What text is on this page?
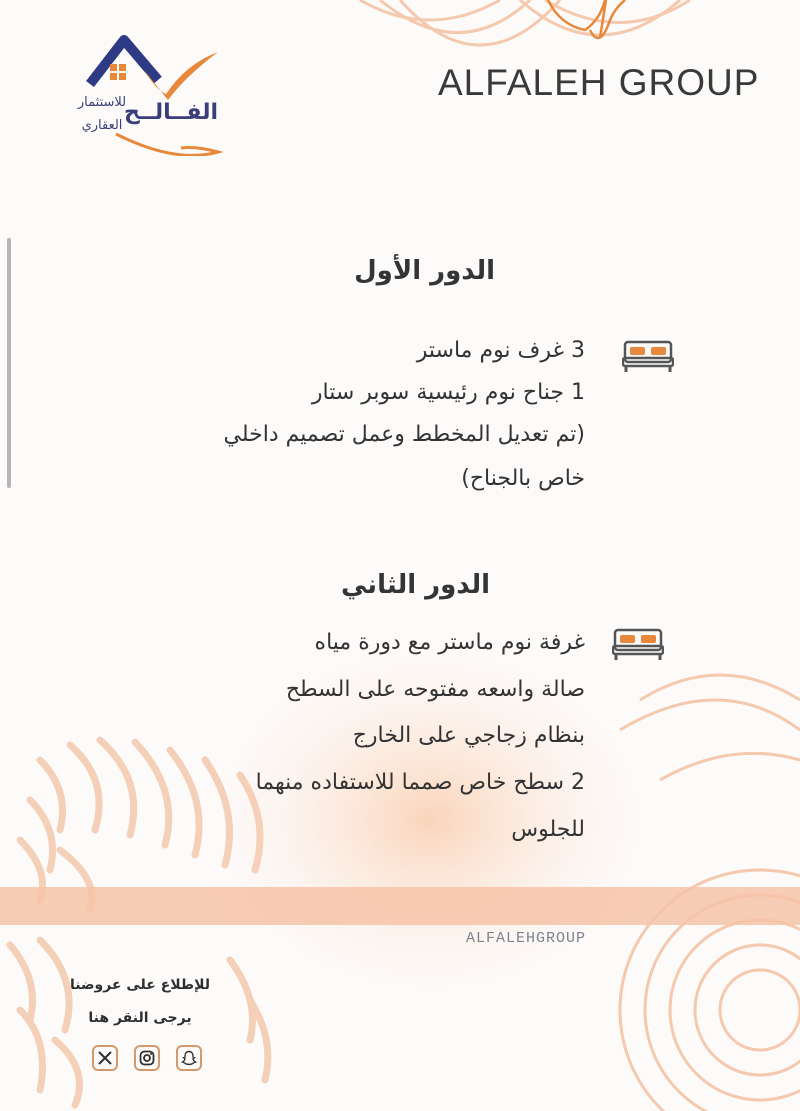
الفــالــح
للاستثمار
العقاري
ALFALEH GROUP
الدور الأول
3 غرف نوم ماستر
1 جناح نوم رئيسية سوبر ستار
(تم تعديل المخطط وعمل تصميم داخلي
خاص بالجناح)
الدور الثاني
غرفة نوم ماستر مع دورة مياه
صالة واسعه مفتوحه على السطح
بنظام زجاجي على الخارج
2 سطح خاص صمما للاستفاده منهما
للجلوس
ALFALEHGROUP
للإطلاع على عروضنا
يرجى النقر هنا
